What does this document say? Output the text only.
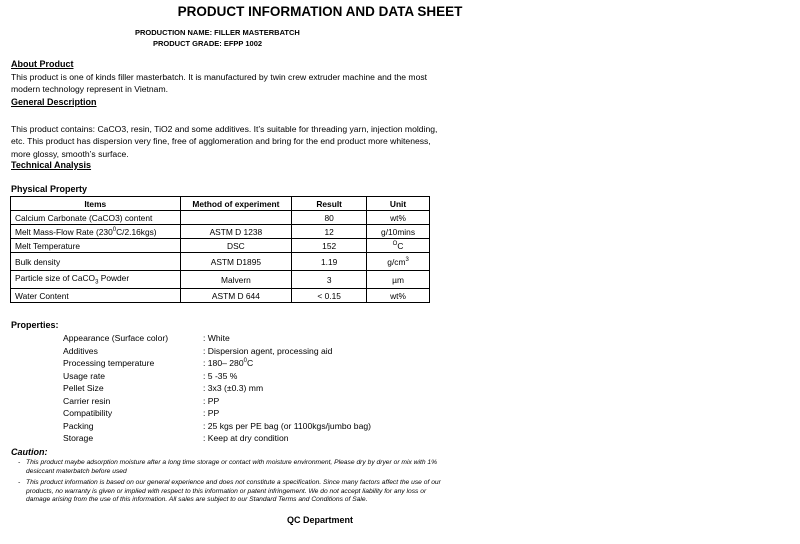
PRODUCT INFORMATION AND DATA SHEET
PRODUCTION NAME: FILLER MASTERBATCH
PRODUCT GRADE: EFPP 1002
About Product
This product is one of kinds filler masterbatch. It is manufactured by twin crew extruder machine and the most modern technology represent in Vietnam.
General Description
This product contains: CaCO3, resin, TiO2 and some additives. It’s suitable for threading yarn, injection molding, etc. This product has dispersion very fine, free of agglomeration and bring for the end product more whiteness, more glossy, smooth’s surface.
Technical Analysis
Physical Property
Items	Method of experiment	Result	Unit
Calcium Carbonate (CaCO3) content		80	wt%
Melt Mass-Flow Rate $(230^0C/2.16kgs)$	ASTM D 1238	12	g/10mins
Melt Temperature	DSC	152	$^O$C
Bulk density	ASTM D1895	1.19	$g/cm^3$
Particle size of CaCO$_3$ Powder	Malvern	3	µm
Water Content	ASTM D 644	< 0.15	wt%
Properties:
Appearance (Surface color)	: White
Additives	: Dispersion agent, processing aid
Processing temperature	: 180– $280^0C$
Usage rate	: 5 -35 %
Pellet Size	: 3x3 (±0.3) mm
Carrier resin	: PP
Compatibility	: PP
Packing	: 25 kgs per PE bag (or 1100kgs/jumbo bag)
Storage	: Keep at dry condition
Caution:
- This product maybe adsorption moisture after a long time storage or contact with moisture environment, Please dry by dryer or mix with 1% desiccant materbatch before used
- This product information is based on our general experience and does not constitute a specification. Since many factors affect the use of our products, no warranty is given or implied with respect to this information or patent infringement. We do not accept liability for any loss or damage arising from the use of this information. All sales are subject to our Standard Terms and Conditions of Sale.
QC Department
